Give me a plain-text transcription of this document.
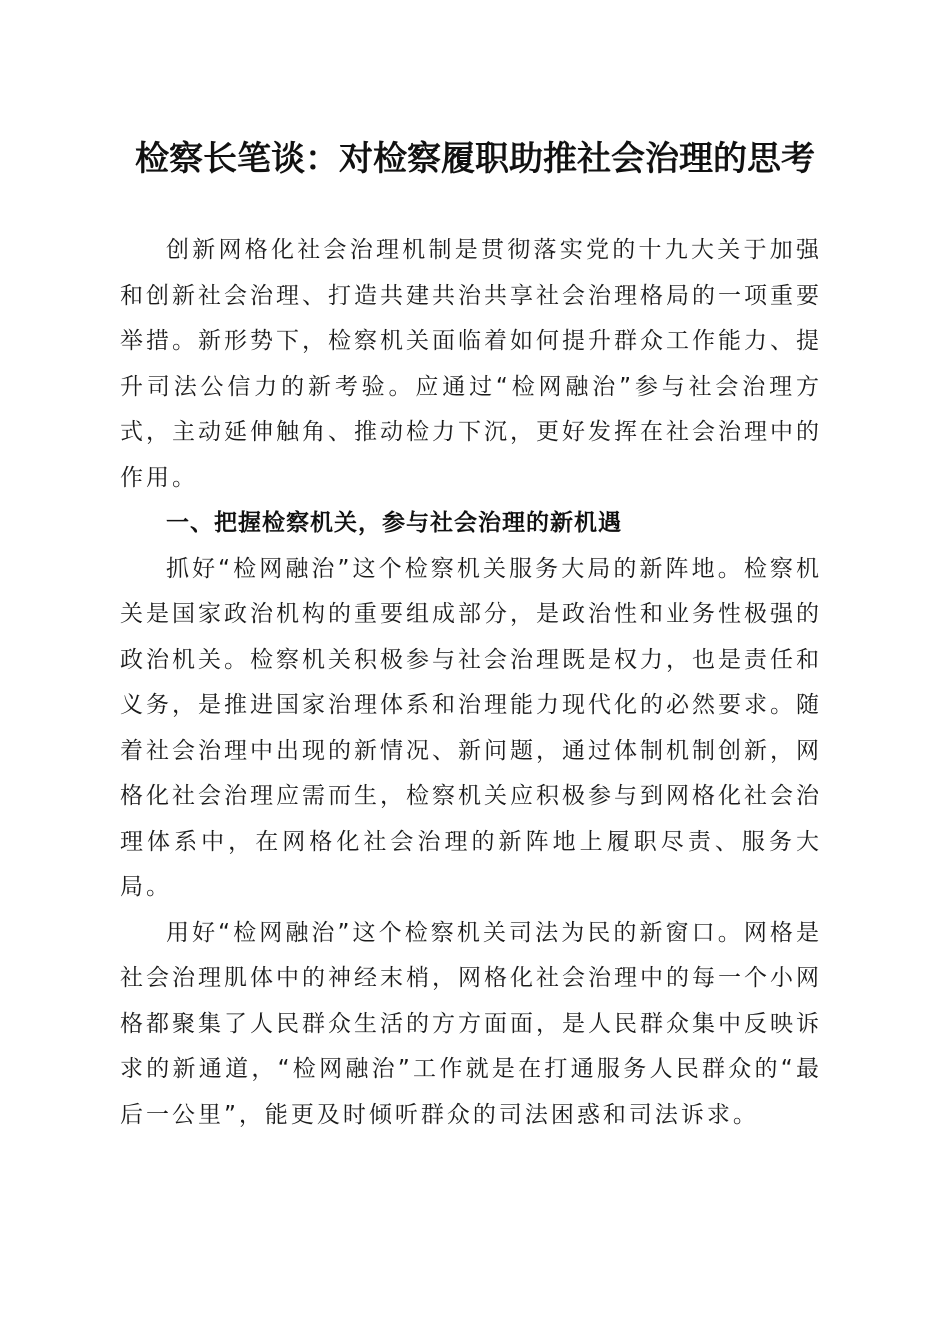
检察长笔谈：对检察履职助推社会治理的思考

创新网格化社会治理机制是贯彻落实党的十九大关于加强和创新社会治理、打造共建共治共享社会治理格局的一项重要举措。新形势下，检察机关面临着如何提升群众工作能力、提升司法公信力的新考验。应通过“检网融治”参与社会治理方式，主动延伸触角、推动检力下沉，更好发挥在社会治理中的作用。

一、把握检察机关，参与社会治理的新机遇

抓好“检网融治”这个检察机关服务大局的新阵地。检察机关是国家政治机构的重要组成部分，是政治性和业务性极强的政治机关。检察机关积极参与社会治理既是权力，也是责任和义务，是推进国家治理体系和治理能力现代化的必然要求。随着社会治理中出现的新情况、新问题，通过体制机制创新，网格化社会治理应需而生，检察机关应积极参与到网格化社会治理体系中，在网格化社会治理的新阵地上履职尽责、服务大局。

用好“检网融治”这个检察机关司法为民的新窗口。网格是社会治理肌体中的神经末梢，网格化社会治理中的每一个小网格都聚集了人民群众生活的方方面面，是人民群众集中反映诉求的新通道，“检网融治”工作就是在打通服务人民群众的“最后一公里”，能更及时倾听群众的司法困惑和司法诉求。
